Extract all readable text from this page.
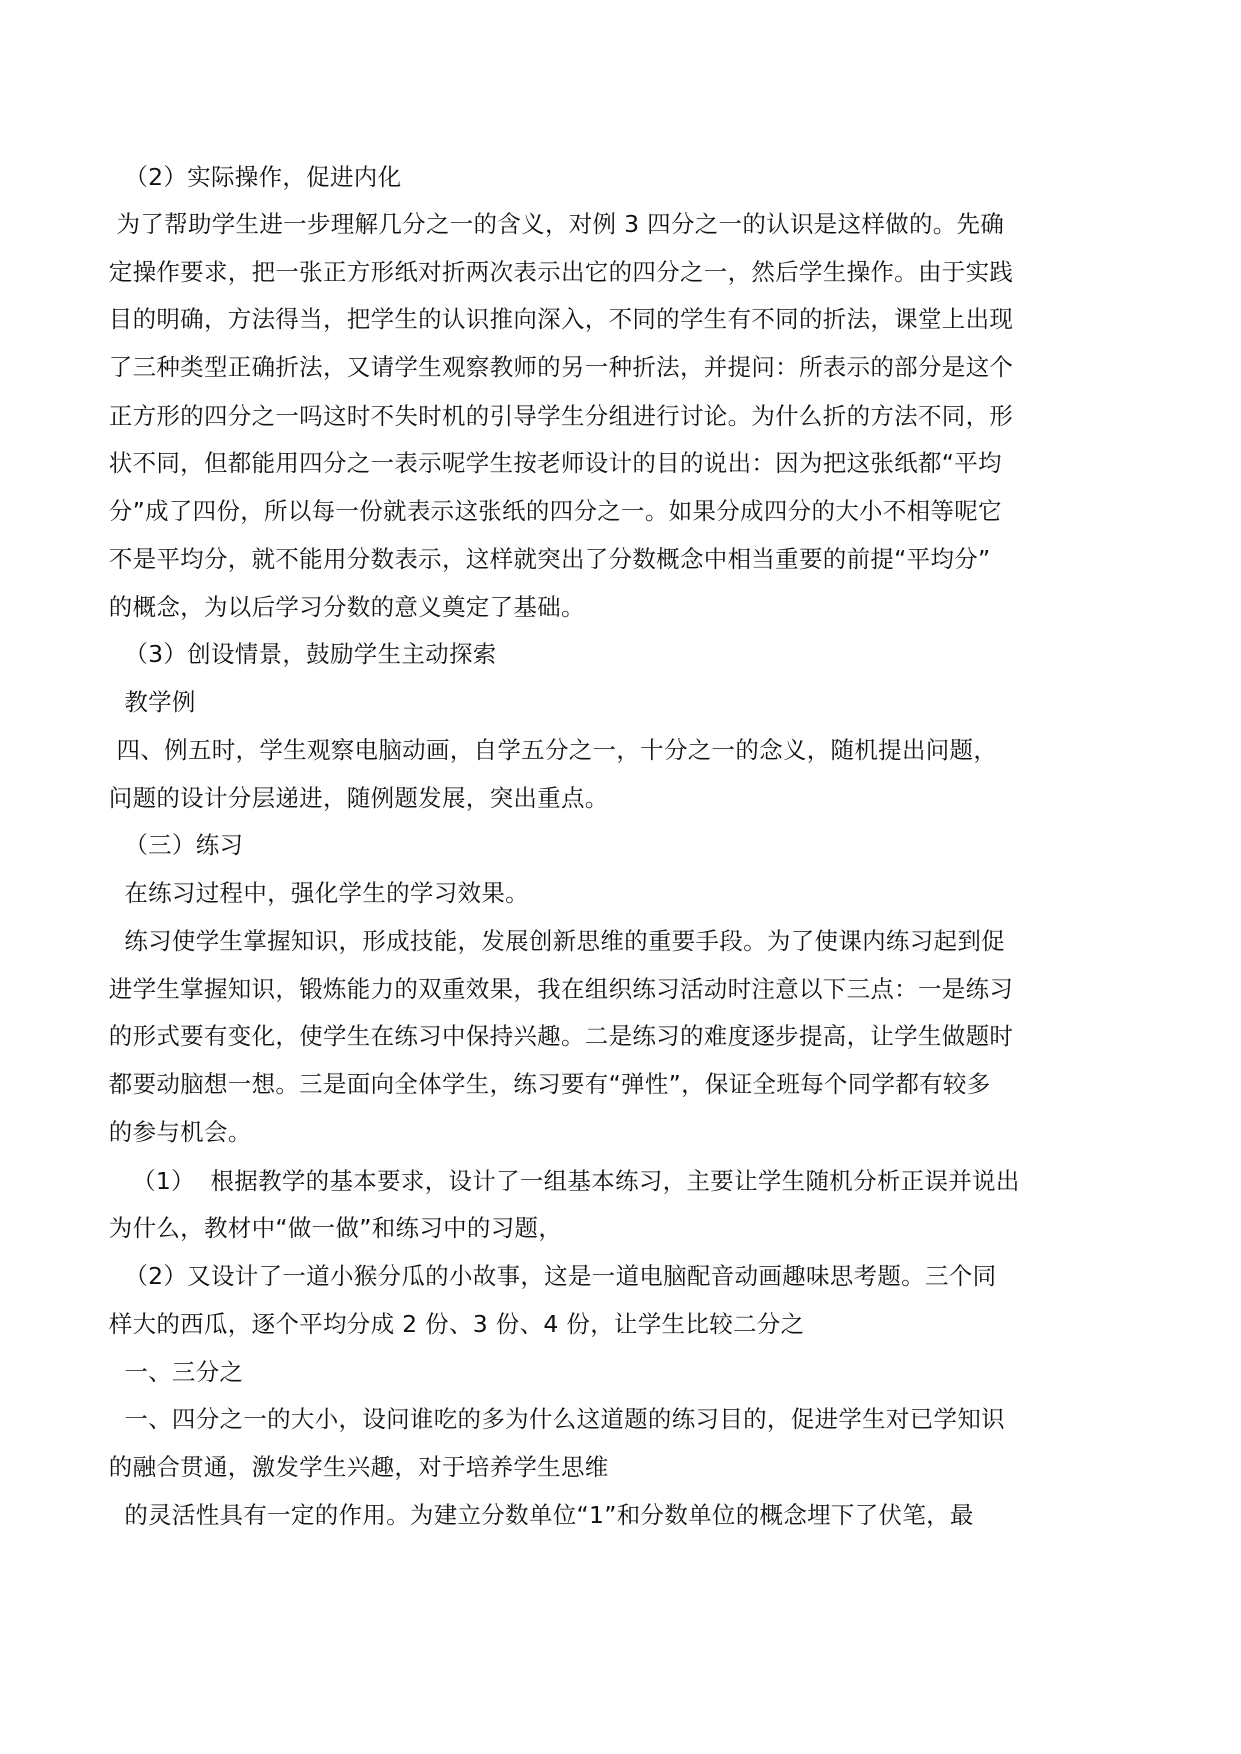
（2）实际操作，促进内化
为了帮助学生进一步理解几分之一的含义，对例 3 四分之一的认识是这样做的。先确
定操作要求，把一张正方形纸对折两次表示出它的四分之一，然后学生操作。由于实践
目的明确，方法得当，把学生的认识推向深入，不同的学生有不同的折法，课堂上出现
了三种类型正确折法，又请学生观察教师的另一种折法，并提问：所表示的部分是这个
正方形的四分之一吗这时不失时机的引导学生分组进行讨论。为什么折的方法不同，形
状不同，但都能用四分之一表示呢学生按老师设计的目的说出：因为把这张纸都“平均
分”成了四份，所以每一份就表示这张纸的四分之一。如果分成四分的大小不相等呢它
不是平均分，就不能用分数表示，这样就突出了分数概念中相当重要的前提“平均分”
的概念，为以后学习分数的意义奠定了基础。
（3）创设情景，鼓励学生主动探索
教学例
四、例五时，学生观察电脑动画，自学五分之一，十分之一的念义，随机提出问题，
问题的设计分层递进，随例题发展，突出重点。
（三）练习
在练习过程中，强化学生的学习效果。
练习使学生掌握知识，形成技能，发展创新思维的重要手段。为了使课内练习起到促
进学生掌握知识，锻炼能力的双重效果，我在组织练习活动时注意以下三点：一是练习
的形式要有变化，使学生在练习中保持兴趣。二是练习的难度逐步提高，让学生做题时
都要动脑想一想。三是面向全体学生，练习要有“弹性”，保证全班每个同学都有较多
的参与机会。
（1）  根据教学的基本要求，设计了一组基本练习，主要让学生随机分析正误并说出
为什么，教材中“做一做”和练习中的习题，
（2）又设计了一道小猴分瓜的小故事，这是一道电脑配音动画趣味思考题。三个同
样大的西瓜，逐个平均分成 2 份、3 份、4 份，让学生比较二分之
一、三分之
一、四分之一的大小，设问谁吃的多为什么这道题的练习目的，促进学生对已学知识
的融合贯通，激发学生兴趣，对于培养学生思维
的灵活性具有一定的作用。为建立分数单位“1”和分数单位的概念埋下了伏笔，最
